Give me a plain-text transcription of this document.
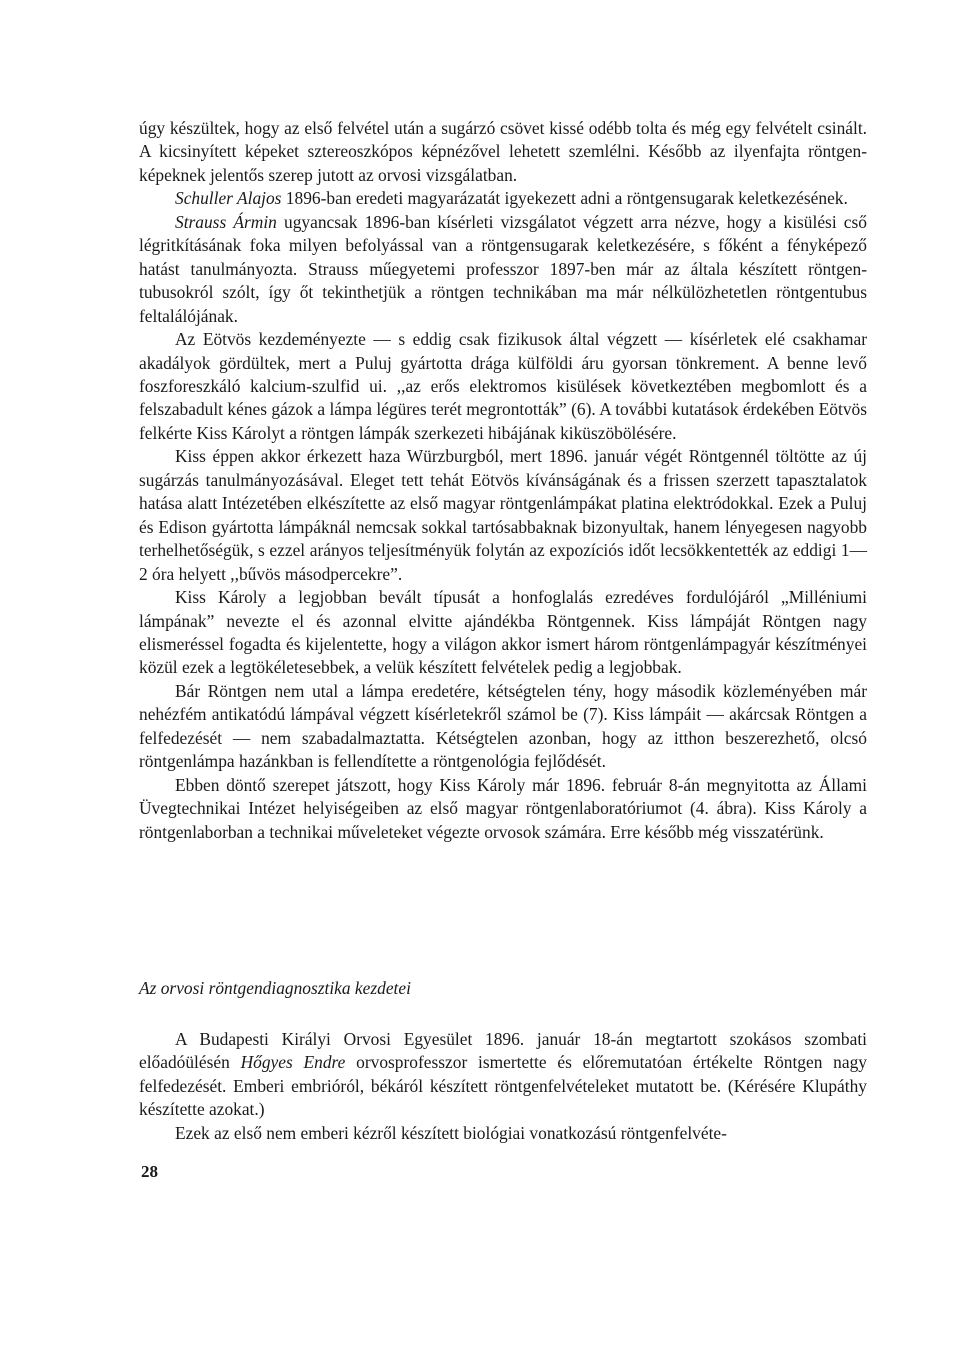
úgy készültek, hogy az első felvétel után a sugárzó csövet kissé odébb tolta és még egy felvételt csinált. A kicsinyített képeket sztereoszkópos képnézővel lehetett szemlélni. Később az ilyenfajta röntgen-képeknek jelentős szerep jutott az orvosi vizsgálatban.

Schuller Alajos 1896-ban eredeti magyarázatát igyekezett adni a röntgensugarak keletkezésének.

Strauss Ármin ugyancsak 1896-ban kísérleti vizsgálatot végzett arra nézve, hogy a kisülési cső légritkításának foka milyen befolyással van a röntgensugarak keletkezésére, s főként a fényképező hatást tanulmányozta. Strauss műegyetemi professzor 1897-ben már az általa készített röntgen-tubusokról szólt, így őt tekinthetjük a röntgen technikában ma már nélkülözhetetlen röntgentubus feltalálójának.

Az Eötvös kezdeményezte — s eddig csak fizikusok által végzett — kísérletek elé csakhamar akadályok gördültek, mert a Puluj gyártotta drága külföldi áru gyorsan tönkrement. A benne levő foszforeszkáló kalcium-szulfid ui. ,,az erős elektromos kisülések következtében megbomlott és a felszabadult kénes gázok a lámpa légüres terét megrontották” (6). A további kutatások érdekében Eötvös felkérte Kiss Károlyt a röntgen lámpák szerkezeti hibájának kiküszöbölésére.

Kiss éppen akkor érkezett haza Würzburgból, mert 1896. január végét Röntgennél töltötte az új sugárzás tanulmányozásával. Eleget tett tehát Eötvös kívánságának és a frissen szerzett tapasztalatok hatása alatt Intézetében elkészítette az első magyar röntgenlámpákat platina elektródokkal. Ezek a Puluj és Edison gyártotta lámpáknál nemcsak sokkal tartósabbaknak bizonyultak, hanem lényegesen nagyobb terhelhetőségük, s ezzel arányos teljesítményük folytán az expozíciós időt lecsökkentették az eddigi 1—2 óra helyett ,,bűvös másodpercekre”.

Kiss Károly a legjobban bevált típusát a honfoglalás ezredéves fordulójáról „Milléniumi lámpának” nevezte el és azonnal elvitte ajándékba Röntgennek. Kiss lámpáját Röntgen nagy elismeréssel fogadta és kijelentette, hogy a világon akkor ismert három röntgenlámpagyár készítményei közül ezek a legtökéletesebbek, a velük készített felvételek pedig a legjobbak.

Bár Röntgen nem utal a lámpa eredetére, kétségtelen tény, hogy második közleményében már nehézfém antikatódú lámpával végzett kísérletekről számol be (7). Kiss lámpáit — akárcsak Röntgen a felfedezését — nem szabadalmaztatta. Kétségtelen azonban, hogy az itthon beszerezhető, olcsó röntgenlámpa hazánkban is fellendítette a röntgenológia fejlődését.

Ebben döntő szerepet játszott, hogy Kiss Károly már 1896. február 8-án megnyitotta az Állami Üvegtechnikai Intézet helyiségeiben az első magyar röntgenlaboratóriumot (4. ábra). Kiss Károly a röntgenlaborban a technikai műveleteket végezte orvosok számára. Erre később még visszatérünk.

Az orvosi röntgendiagnosztika kezdetei

A Budapesti Királyi Orvosi Egyesület 1896. január 18-án megtartott szokásos szombati előadóülésén Hőgyes Endre orvosprofesszor ismertette és előremutatóan értékelte Röntgen nagy felfedezését. Emberi embrióról, békáról készített röntgenfelvételeket mutatott be. (Kérésére Klupáthy készítette azokat.)

Ezek az első nem emberi kézről készített biológiai vonatkozású röntgenfelvéte-

28
